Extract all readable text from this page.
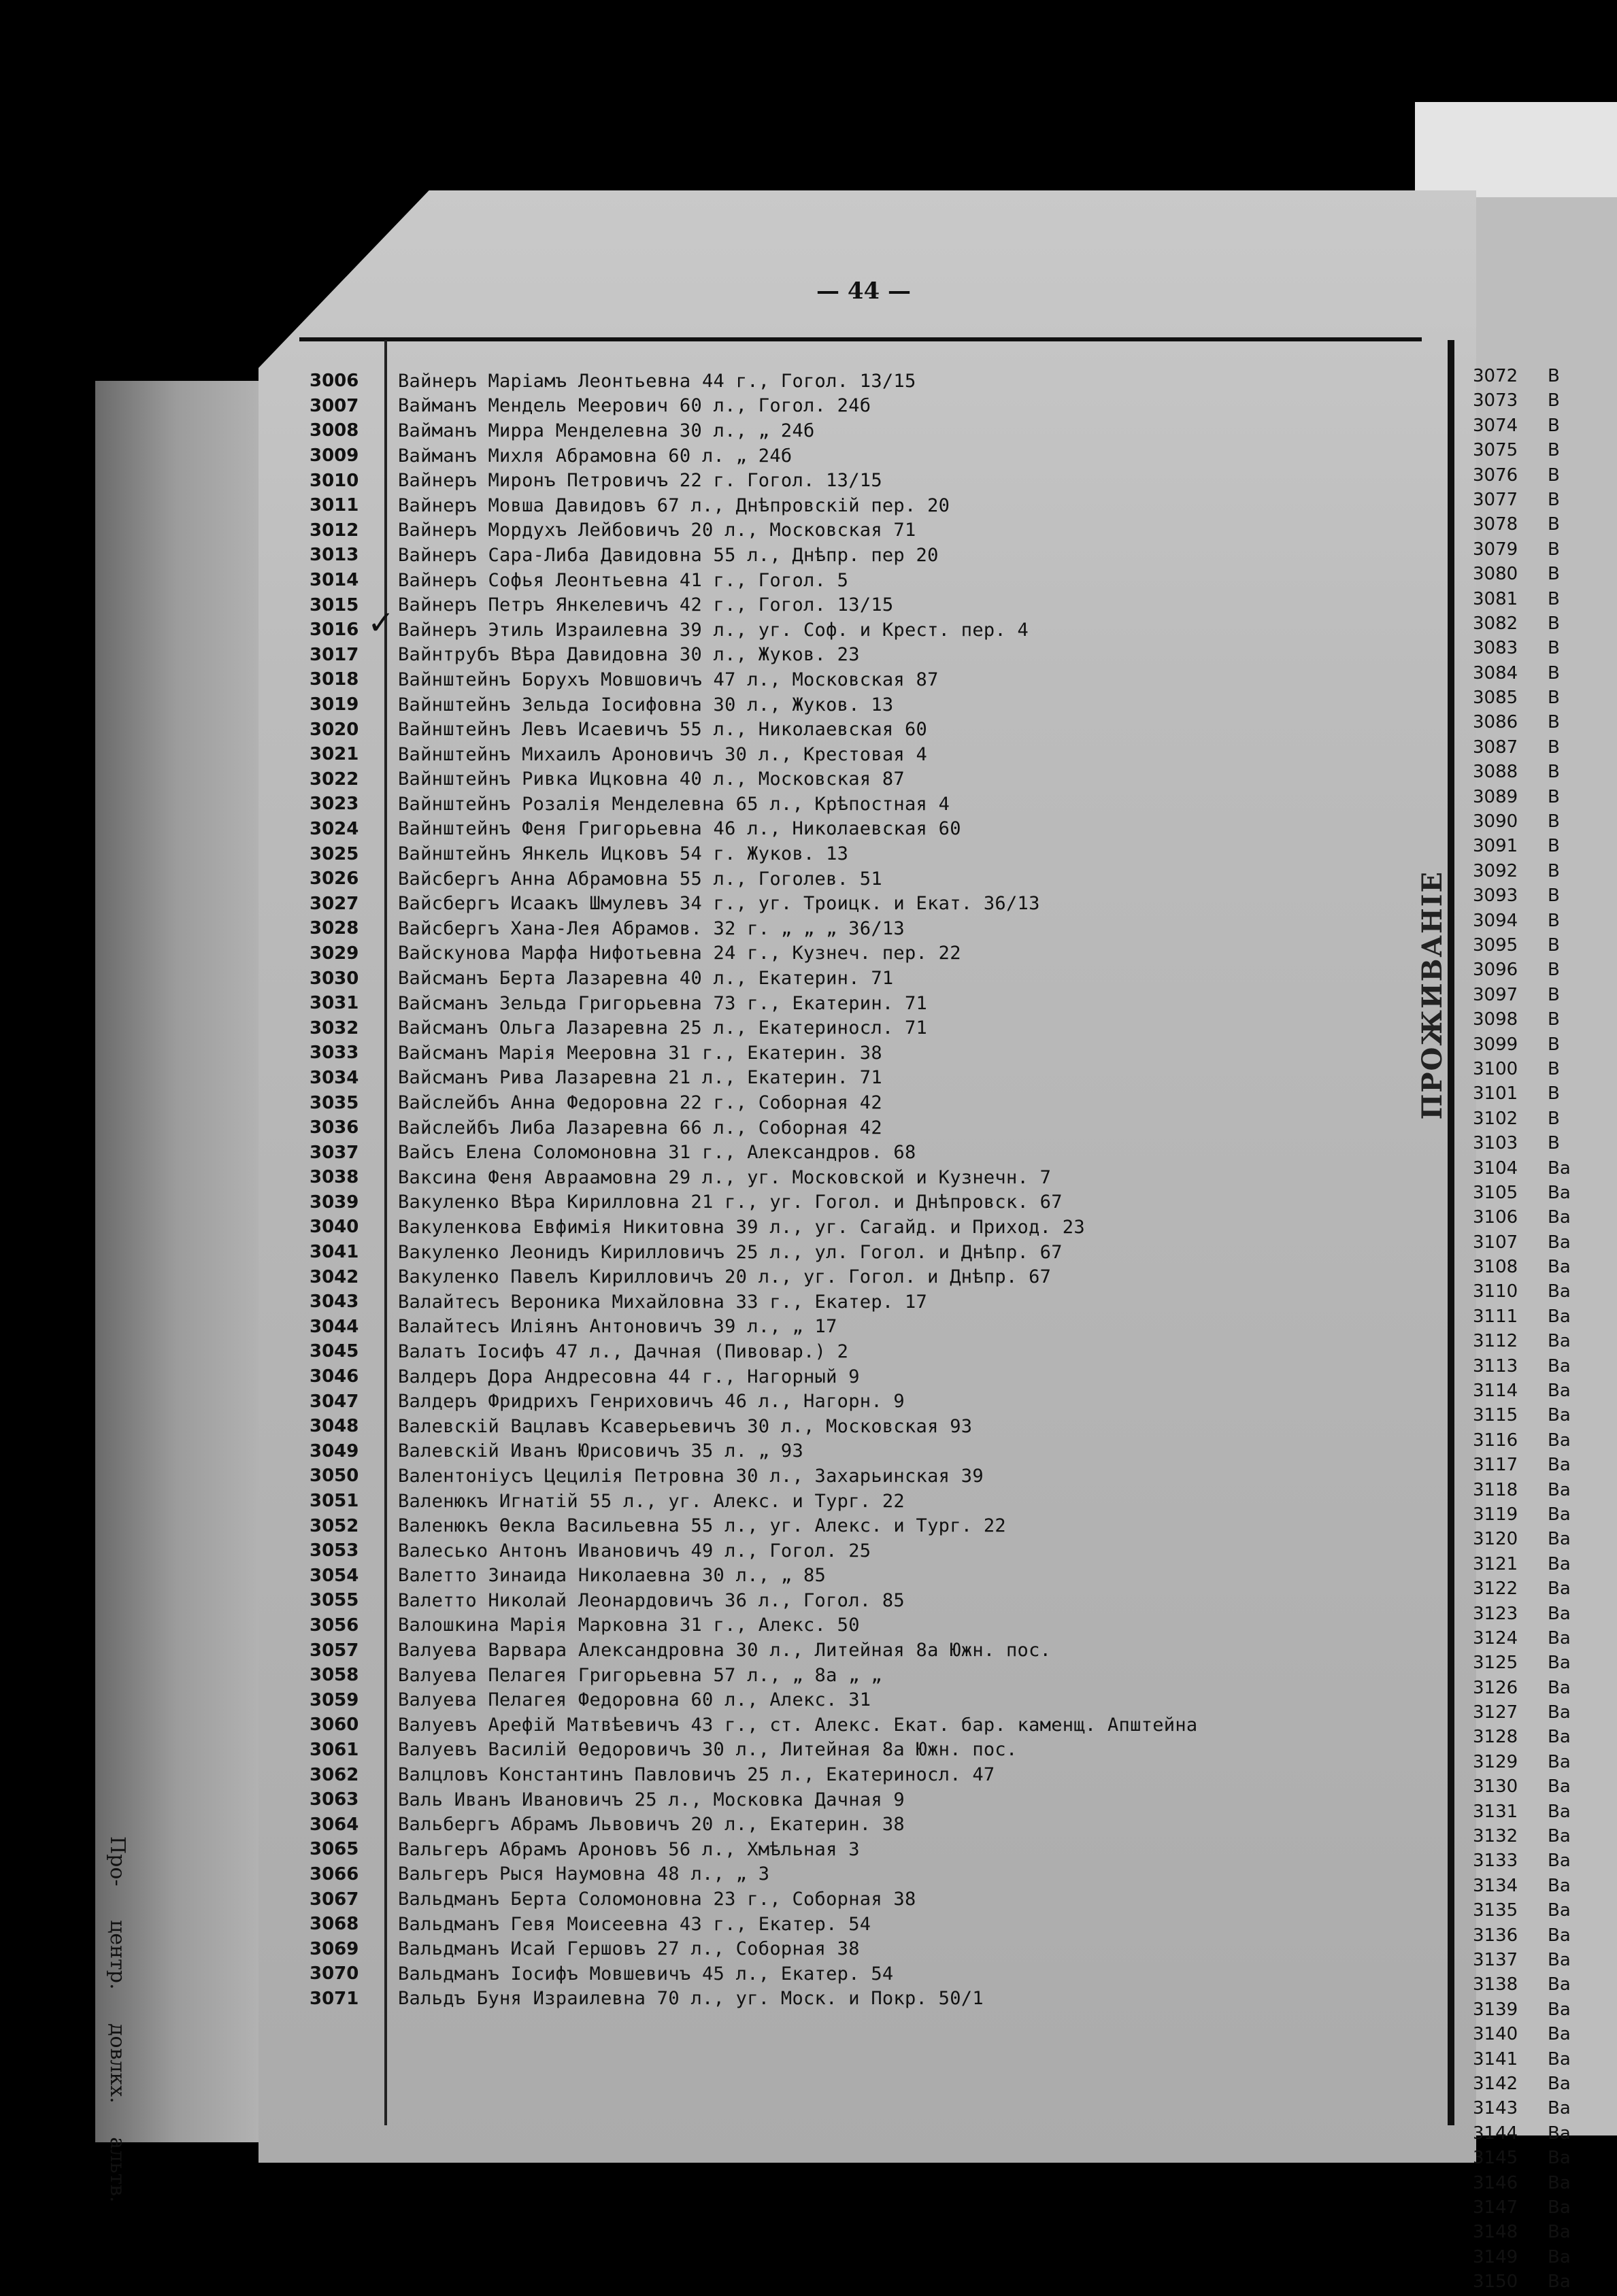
Про- центр. довлкх. альтв.
— 44 —
ПРОЖИВАНІЕ
3006	Вайнеръ Маріамъ Леонтьевна 44 г., Гогол. 13/15
3007	Вайманъ Мендель Меерович 60 л., Гогол. 24б
3008	Вайманъ Мирра Менделевна 30 л., „ 24б
3009	Вайманъ Михля Абрамовна 60 л. „ 24б
3010	Вайнеръ Миронъ Петровичъ 22 г. Гогол. 13/15
3011	Вайнеръ Мовша Давидовъ 67 л., Днѣпровскій пер. 20
3012	Вайнеръ Мордухъ Лейбовичъ 20 л., Московская 71
3013	Вайнеръ Сара-Либа Давидовна 55 л., Днѣпр. пер 20
3014	Вайнеръ Софья Леонтьевна 41 г., Гогол. 5
3015	Вайнеръ Петръ Янкелевичъ 42 г., Гогол. 13/15
3016	Вайнеръ Этиль Израилевна 39 л., уг. Соф. и Крест. пер. 4
3017	Вайнтрубъ Вѣра Давидовна 30 л., Жуков. 23
3018	Вайнштейнъ Борухъ Мовшовичъ 47 л., Московская 87
3019	Вайнштейнъ Зельда Іосифовна 30 л., Жуков. 13
3020	Вайнштейнъ Левъ Исаевичъ 55 л., Николаевская 60
3021	Вайнштейнъ Михаилъ Ароновичъ 30 л., Крестовая 4
3022	Вайнштейнъ Ривка Ицковна 40 л., Московская 87
3023	Вайнштейнъ Розалія Менделевна 65 л., Крѣпостная 4
3024	Вайнштейнъ Феня Григорьевна 46 л., Николаевская 60
3025	Вайнштейнъ Янкель Ицковъ 54 г. Жуков. 13
3026	Вайсбергъ Анна Абрамовна 55 л., Гоголев. 51
3027	Вайсбергъ Исаакъ Шмулевъ 34 г., уг. Троицк. и Екат. 36/13
3028	Вайсбергъ Хана-Лея Абрамов. 32 г. „ „ „ 36/13
3029	Вайскунова Марфа Нифотьевна 24 г., Кузнеч. пер. 22
3030	Вайсманъ Берта Лазаревна 40 л., Екатерин. 71
3031	Вайсманъ Зельда Григорьевна 73 г., Екатерин. 71
3032	Вайсманъ Ольга Лазаревна 25 л., Екатериносл. 71
3033	Вайсманъ Марія Мееровна 31 г., Екатерин. 38
3034	Вайсманъ Рива Лазаревна 21 л., Екатерин. 71
3035	Вайслейбъ Анна Федоровна 22 г., Соборная 42
3036	Вайслейбъ Либа Лазаревна 66 л., Соборная 42
3037	Вайсъ Елена Соломоновна 31 г., Александров. 68
3038	Ваксина Феня Авраамовна 29 л., уг. Московской и Кузнечн. 7
3039	Вакуленко Вѣра Кирилловна 21 г., уг. Гогол. и Днѣпровск. 67
3040	Вакуленкова Евфимія Никитовна 39 л., уг. Сагайд. и Приход. 23
3041	Вакуленко Леонидъ Кирилловичъ 25 л., ул. Гогол. и Днѣпр. 67
3042	Вакуленко Павелъ Кирилловичъ 20 л., уг. Гогол. и Днѣпр. 67
3043	Валайтесъ Вероника Михайловна 33 г., Екатер. 17
3044	Валайтесъ Иліянъ Антоновичъ 39 л., „ 17
3045	Валатъ Іосифъ 47 л., Дачная (Пивовар.) 2
3046	Валдеръ Дора Андресовна 44 г., Нагорный 9
3047	Валдеръ Фридрихъ Генриховичъ 46 л., Нагорн. 9
3048	Валевскій Вацлавъ Ксаверьевичъ 30 л., Московская 93
3049	Валевскій Иванъ Юрисовичъ 35 л. „ 93
3050	Валентоніусъ Цецилія Петровна 30 л., Захарьинская 39
3051	Валенюкъ Игнатій 55 л., уг. Алекс. и Тург. 22
3052	Валенюкъ Ѳекла Васильевна 55 л., уг. Алекс. и Тург. 22
3053	Валесько Антонъ Ивановичъ 49 л., Гогол. 25
3054	Валетто Зинаида Николаевна 30 л., „ 85
3055	Валетто Николай Леонардовичъ 36 л., Гогол. 85
3056	Валошкина Марія Марковна 31 г., Алекс. 50
3057	Валуева Варвара Александровна 30 л., Литейная 8а Южн. пос.
3058	Валуева Пелагея Григорьевна 57 л., „ 8а „ „
3059	Валуева Пелагея Федоровна 60 л., Алекс. 31
3060	Валуевъ Арефій Матвѣевичъ 43 г., ст. Алекс. Екат. бар. каменщ. Апштейна
3061	Валуевъ Василій Ѳедоровичъ 30 л., Литейная 8а Южн. пос.
3062	Валцловъ Константинъ Павловичъ 25 л., Екатериносл. 47
3063	Валь Иванъ Ивановичъ 25 л., Московка Дачная 9
3064	Вальбергъ Абрамъ Львовичъ 20 л., Екатерин. 38
3065	Вальгеръ Абрамъ Ароновъ 56 л., Хмѣльная 3
3066	Вальгеръ Рыся Наумовна 48 л., „ 3
3067	Вальдманъ Берта Соломоновна 23 г., Соборная 38
3068	Вальдманъ Гевя Моисеевна 43 г., Екатер. 54
3069	Вальдманъ Исай Гершовъ 27 л., Соборная 38
3070	Вальдманъ Іосифъ Мовшевичъ 45 л., Екатер. 54
3071	Вальдъ Буня Израилевна 70 л., уг. Моск. и Покр. 50/1
3072 В
3073 В
3074 В
3075 В
3076 В
3077 В
3078 В
3079 В
3080 В
3081 В
3082 В
3083 В
3084 В
3085 В
3086 В
3087 В
3088 В
3089 В
3090 В
3091 В
3092 В
3093 В
3094 В
3095 В
3096 В
3097 В
3098 В
3099 В
3100 В
3101 В
3102 В
3103 В
3104 Ва
3105 Ва
3106 Ва
3107 Ва
3108 Ва
3110 Ва
3111 Ва
3112 Ва
3113 Ва
3114 Ва
3115 Ва
3116 Ва
3117 Ва
3118 Ва
3119 Ва
3120 Ва
3121 Ва
3122 Ва
3123 Ва
3124 Ва
3125 Ва
3126 Ва
3127 Ва
3128 Ва
3129 Ва
3130 Ва
3131 Ва
3132 Ва
3133 Ва
3134 Ва
3135 Ва
3136 Ва
3137 Ва
3138 Ва
3139 Ва
3140 Ва
3141 Ва
3142 Ва
3143 Ва
3144 Ва
3145 Ва
3146 Ва
3147 Ва
3148 Ва
3149 Ва
3150 Ва
✓
